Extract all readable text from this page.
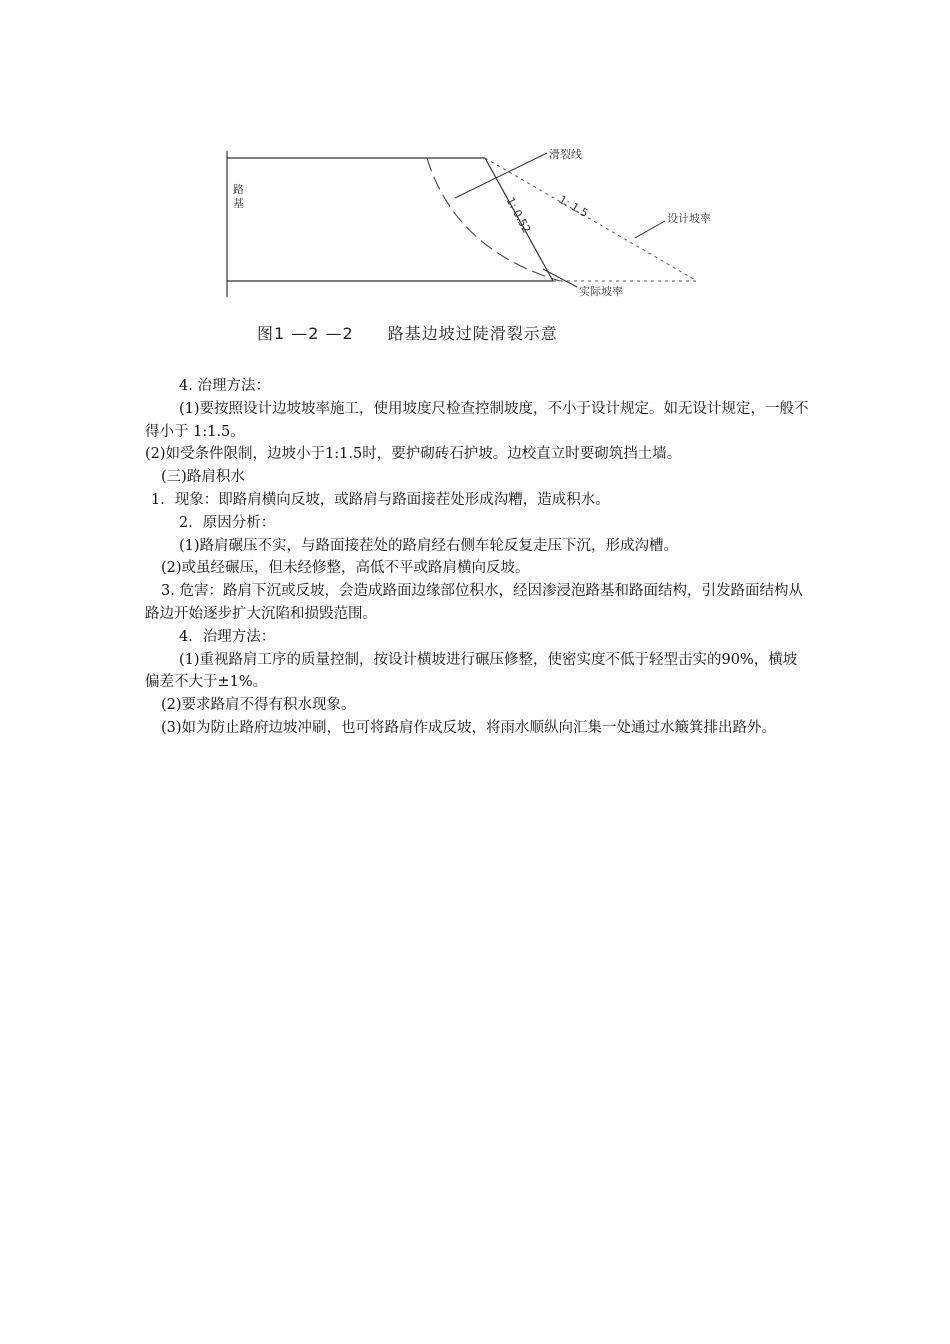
滑裂线
设计坡率
实际坡率
1: 1.5
1: 0.52
路
基
图1 —2 —2 路基边坡过陡滑裂示意

4. 治理方法：

(1)要按照设计边坡坡率施工，使用坡度尺检查控制坡度，不小于设计规定。如无设计规定，一般不得小于 1:1.5。

(2)如受条件限制，边坡小于1:1.5时，要护砌砖石护坡。边校直立时要砌筑挡土墙。

(三)路肩积水

1．现象：即路肩横向反坡，或路肩与路面接茬处形成沟糟，造成积水。

2．原因分析：

(1)路肩碾压不实，与路面接茬处的路肩经右侧车轮反复走压下沉，形成沟槽。

(2)或虽经碾压，但未经修整，高低不平或路肩横向反坡。

3. 危害：路肩下沉或反坡，会造成路面边缘部位积水，经因渗浸泡路基和路面结构，引发路面结构从路边开始逐步扩大沉陷和损毁范围。

4．治理方法：

(1)重视路肩工序的质量控制，按设计横坡进行碾压修整，使密实度不低于轻型击实的90%，横坡偏差不大于±1%。

(2)要求路肩不得有积水现象。

(3)如为防止路府边坡冲刷，也可将路肩作成反坡，将雨水顺纵向汇集一处通过水簸箕排出路外。
